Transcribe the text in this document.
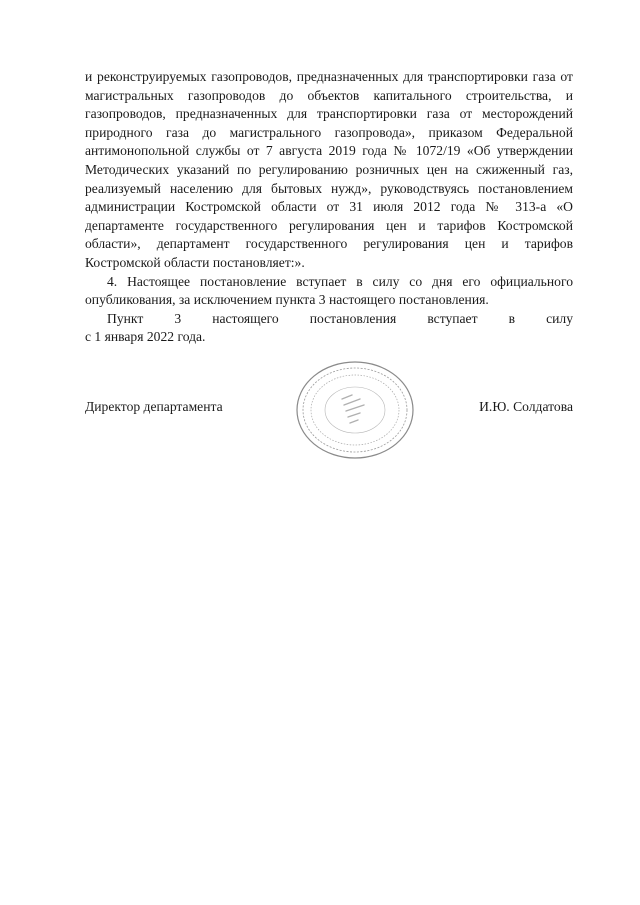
и реконструируемых газопроводов, предназначенных для транспортировки газа от магистральных газопроводов до объектов капитального строительства, и газопроводов, предназначенных для транспортировки газа от месторождений природного газа до магистрального газопровода», приказом Федеральной антимонопольной службы от 7 августа 2019 года № 1072/19 «Об утверждении Методических указаний по регулированию розничных цен на сжиженный газ, реализуемый населению для бытовых нужд», руководствуясь постановлением администрации Костромской области от 31 июля 2012 года № 313-а «О департаменте государственного регулирования цен и тарифов Костромской области», департамент государственного регулирования цен и тарифов Костромской области постановляет:».

4. Настоящее постановление вступает в силу со дня его официального опубликования, за исключением пункта 3 настоящего постановления.

Пункт 3 настоящего постановления вступает в силу

с 1 января 2022 года.

Директор департамента	И.Ю. Солдатова
